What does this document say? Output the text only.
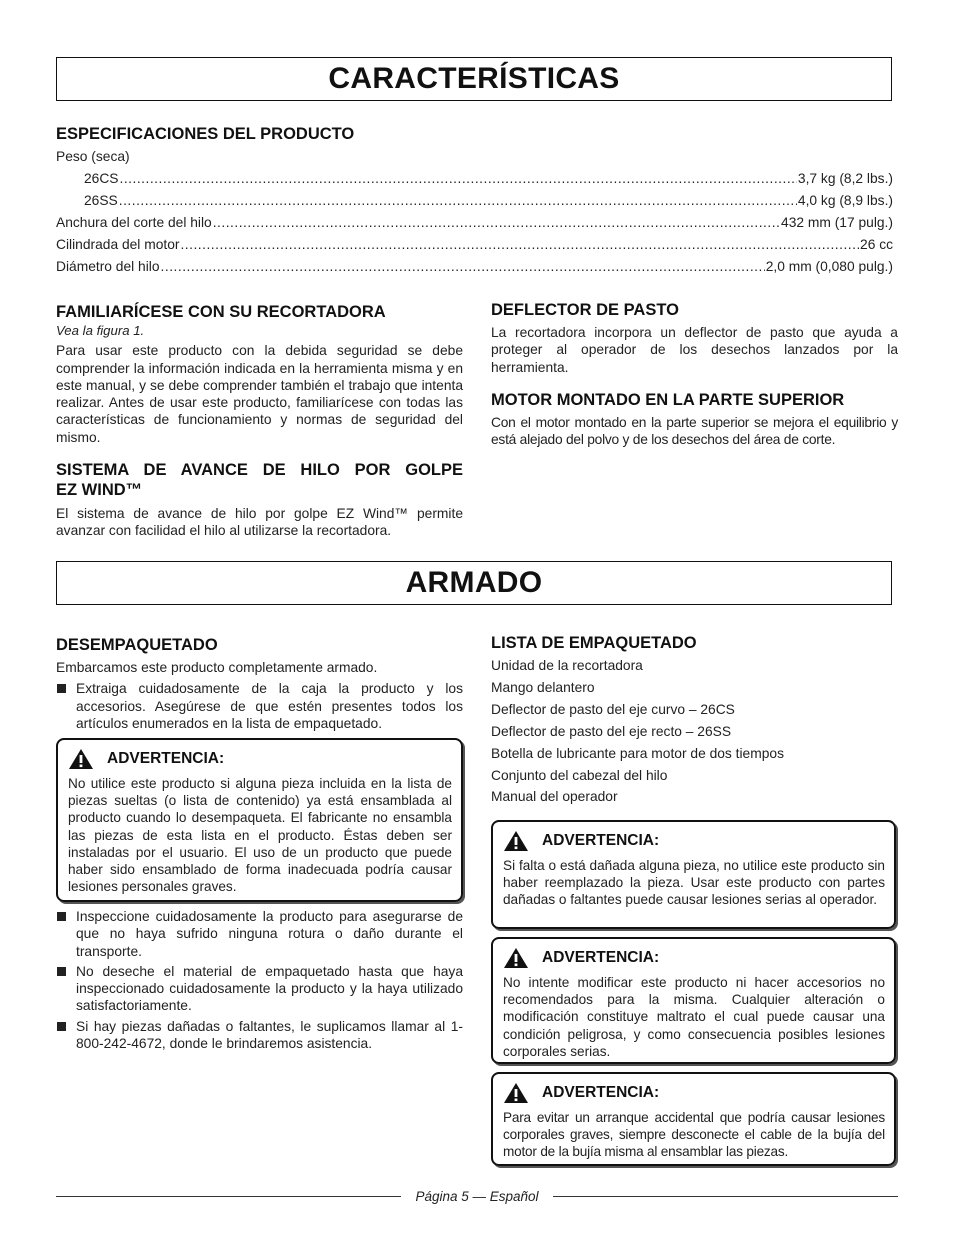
CARACTERÍSTICAS
ESPECIFICACIONES DEL PRODUCTO

Peso (seca)

26CS .....	3,7 kg (8,2 lbs.)
26SS .....	4,0 kg (8,9 lbs.)
Anchura del corte del hilo .....	432 mm (17 pulg.)
Cilindrada del motor .....	26 cc
Diámetro del hilo .....	2,0 mm (0,080 pulg.)
FAMILIARÍCESE CON SU RECORTADORA

Vea la figura 1.

Para usar este producto con la debida seguridad se debe comprender la información indicada en la herramienta misma y en este manual, y se debe comprender también el trabajo que intenta realizar. Antes de usar este producto, familiarícese con todas las características de funcionamiento y normas de seguridad del mismo.

SISTEMA DE AVANCE DE HILO POR GOLPE
EZ WIND™

El sistema de avance de hilo por golpe EZ Wind™ permite avanzar con facilidad el hilo al utilizarse la recortadora.

DEFLECTOR DE PASTO

La recortadora incorpora un deflector de pasto que ayuda a proteger al operador de los desechos lanzados por la herramienta.

MOTOR MONTADO EN LA PARTE SUPERIOR

Con el motor montado en la parte superior se mejora el equilibrio y está alejado del polvo y de los desechos del área de corte.

ARMADO
DESEMPAQUETADO

Embarcamos este producto completamente armado.

Extraiga cuidadosamente de la caja la producto y los accesorios. Asegúrese de que estén presentes todos los artículos enumerados en la lista de empaquetado.
ADVERTENCIA:

No utilice este producto si alguna pieza incluida en la lista de piezas sueltas (o lista de contenido) ya está ensamblada al producto cuando lo desempaqueta. El fabricante no ensambla las piezas de esta lista en el producto. Éstas deben ser instaladas por el usuario. El uso de un producto que puede haber sido ensamblado de forma inadecuada podría causar lesiones personales graves.

Inspeccione cuidadosamente la producto para asegurarse de que no haya sufrido ninguna rotura o daño durante el transporte.
No deseche el material de empaquetado hasta que haya inspeccionado cuidadosamente la producto y la haya utilizado satisfactoriamente.
Si hay piezas dañadas o faltantes, le suplicamos llamar al 1-800-242-4672, donde le brindaremos asistencia.
LISTA DE EMPAQUETADO
Unidad de la recortadora
Mango delantero
Deflector de pasto del eje curvo – 26CS
Deflector de pasto del eje recto – 26SS
Botella de lubricante para motor de dos tiempos
Conjunto del cabezal del hilo
Manual del operador
ADVERTENCIA:

Si falta o está dañada alguna pieza, no utilice este producto sin haber reemplazado la pieza. Usar este producto con partes dañadas o faltantes puede causar lesiones serias al operador.

ADVERTENCIA:

No intente modificar este producto ni hacer accesorios no recomendados para la misma. Cualquier alteración o modificación constituye maltrato el cual puede causar una condición peligrosa, y como consecuencia posibles lesiones corporales serias.

ADVERTENCIA:

Para evitar un arranque accidental que podría causar lesiones corporales graves, siempre desconecte el cable de la bujía del motor de la bujía misma al ensamblar las piezas.

Página 5 — Español
